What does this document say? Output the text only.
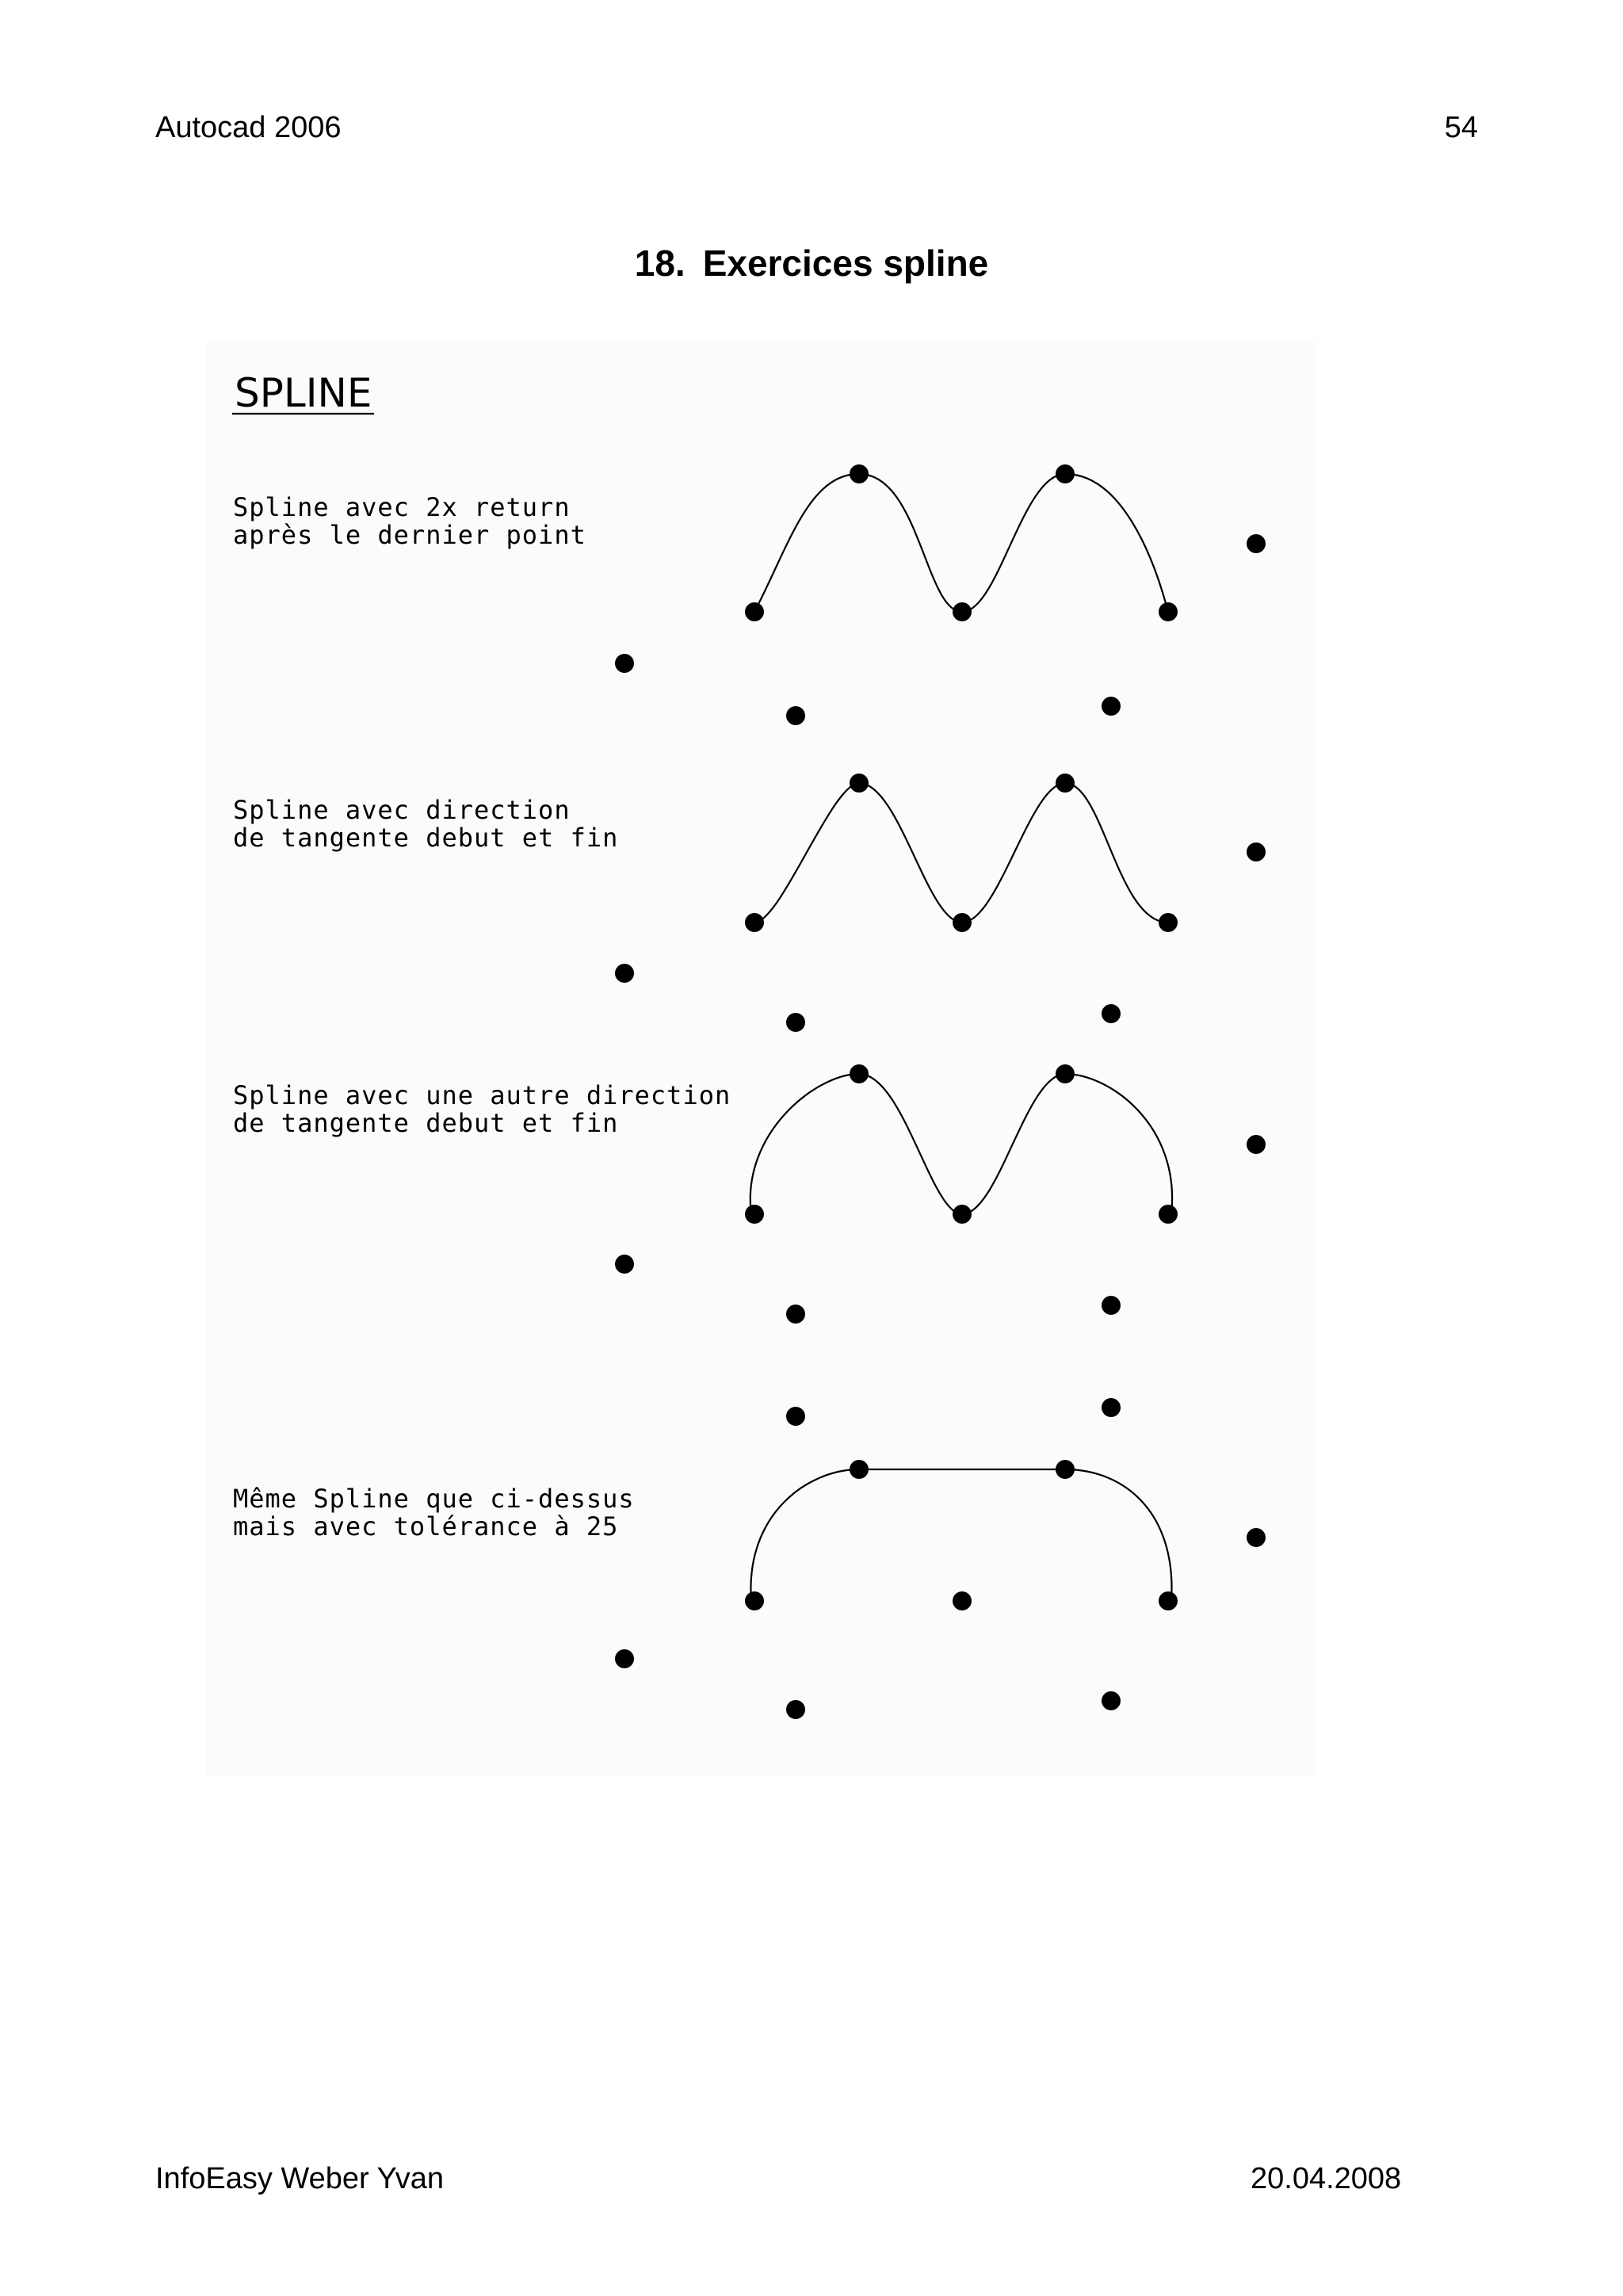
Autocad 2006	54
18. Exercices spline
SPLINE
Spline avec 2x return
après le dernier point
Spline avec direction
de tangente debut et fin
Spline avec une autre direction
de tangente debut et fin
Même Spline que ci-dessus
mais avec tolérance à 25
InfoEasy Weber Yvan	20.04.2008
